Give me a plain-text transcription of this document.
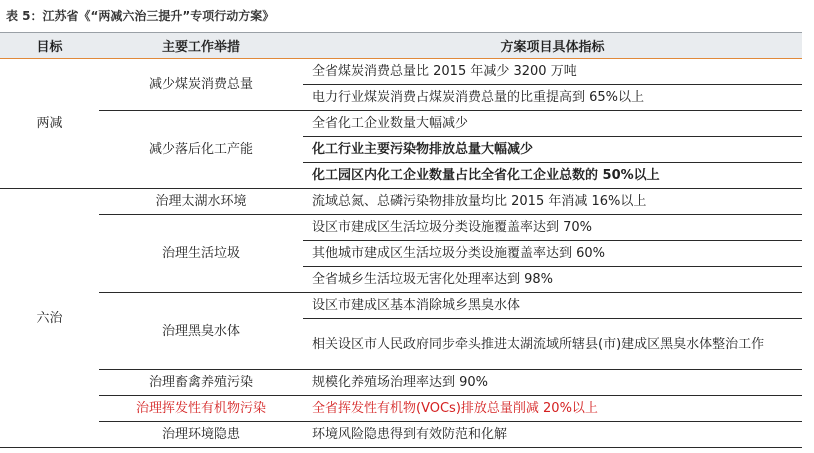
表 5：江苏省《“两减六治三提升”专项行动方案》
目标	主要工作举措	方案项目具体指标
两减	减少煤炭消费总量	全省煤炭消费总量比 2015 年减少 3200 万吨
		电力行业煤炭消费占煤炭消费总量的比重提高到 65%以上
	减少落后化工产能	全省化工企业数量大幅减少
		化工行业主要污染物排放总量大幅减少
		化工园区内化工企业数量占比全省化工企业总数的 50%以上
六治	治理太湖水环境	流域总氮、总磷污染物排放量均比 2015 年消减 16%以上
	治理生活垃圾	设区市建成区生活垃圾分类设施覆盖率达到 70%
		其他城市建成区生活垃圾分类设施覆盖率达到 60%
		全省城乡生活垃圾无害化处理率达到 98%
	治理黑臭水体	设区市建成区基本消除城乡黑臭水体

		相关设区市人民政府同步牵头推进太湖流域所辖县(市)建成区黑臭水体整治工作

	治理畜禽养殖污染	规模化养殖场治理率达到 90%
	治理挥发性有机物污染	全省挥发性有机物(VOCs)排放总量削减 20%以上
	治理环境隐患	环境风险隐患得到有效防范和化解
